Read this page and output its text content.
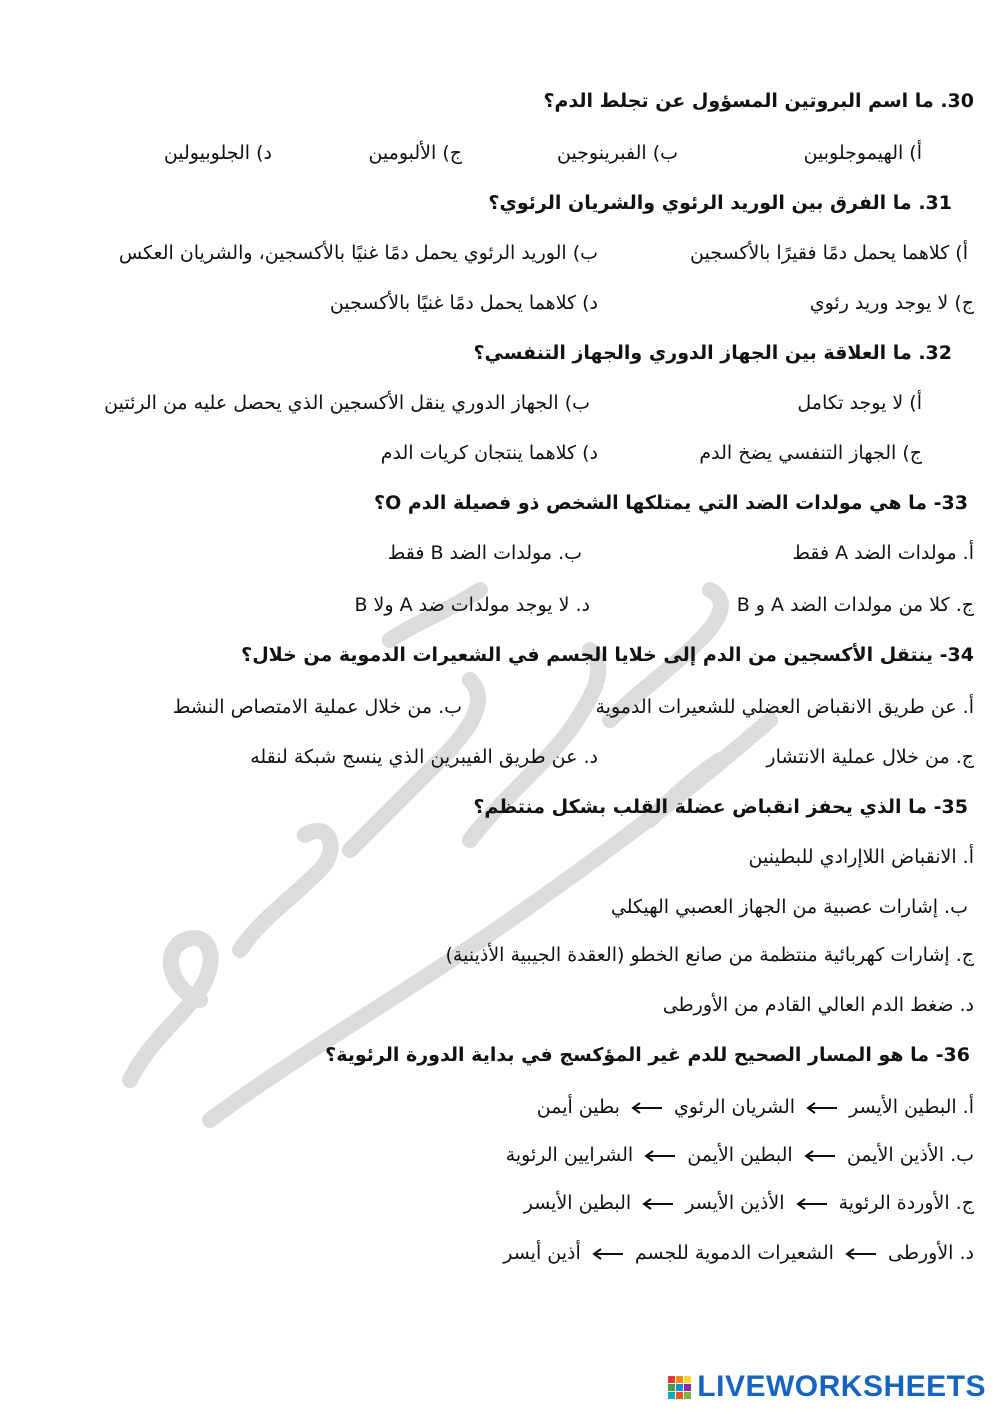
30. ما اسم البروتين المسؤول عن تجلط الدم؟
أ) الهيموجلوبين
ب) الفبرينوجين
ج) الألبومين
د) الجلوبيولين
31. ما الفرق بين الوريد الرئوي والشريان الرئوي؟
أ) كلاهما يحمل دمًا فقيرًا بالأكسجين
ب) الوريد الرئوي يحمل دمًا غنيًا بالأكسجين، والشريان العكس
ج) لا يوجد وريد رئوي
د) كلاهما يحمل دمًا غنيًا بالأكسجين
32. ما العلاقة بين الجهاز الدوري والجهاز التنفسي؟
أ) لا يوجد تكامل
ب) الجهاز الدوري ينقل الأكسجين الذي يحصل عليه من الرئتين
ج) الجهاز التنفسي يضخ الدم
د) كلاهما ينتجان كريات الدم
33- ما هي مولدات الضد التي يمتلكها الشخص ذو فصيلة الدم O؟
أ. مولدات الضد A فقط
ب. مولدات الضد B فقط
ج. كلا من مولدات الضد A و B
د. لا يوجد مولدات ضد A ولا B
34- ينتقل الأكسجين من الدم إلى خلايا الجسم في الشعيرات الدموية من خلال؟
أ. عن طريق الانقباض العضلي للشعيرات الدموية
ب. من خلال عملية الامتصاص النشط
ج. من خلال عملية الانتشار
د. عن طريق الفيبرين الذي ينسج شبكة لنقله
35- ما الذي يحفز انقباض عضلة القلب بشكل منتظم؟
أ. الانقباض اللاإرادي للبطينين
ب. إشارات عصبية من الجهاز العصبي الهيكلي
ج. إشارات كهربائية منتظمة من صانع الخطو (العقدة الجيبية الأذينية)
د. ضغط الدم العالي القادم من الأورطى
36- ما هو المسار الصحيح للدم غير المؤكسج في بداية الدورة الرئوية؟
أ. البطين الأيسر  الشريان الرئوي  بطين أيمن
ب. الأذين الأيمن  البطين الأيمن  الشرايين الرئوية
ج. الأوردة الرئوية  الأذين الأيسر  البطين الأيسر
د. الأورطى  الشعيرات الدموية للجسم  أذين أيسر
LIVEWORKSHEETS
